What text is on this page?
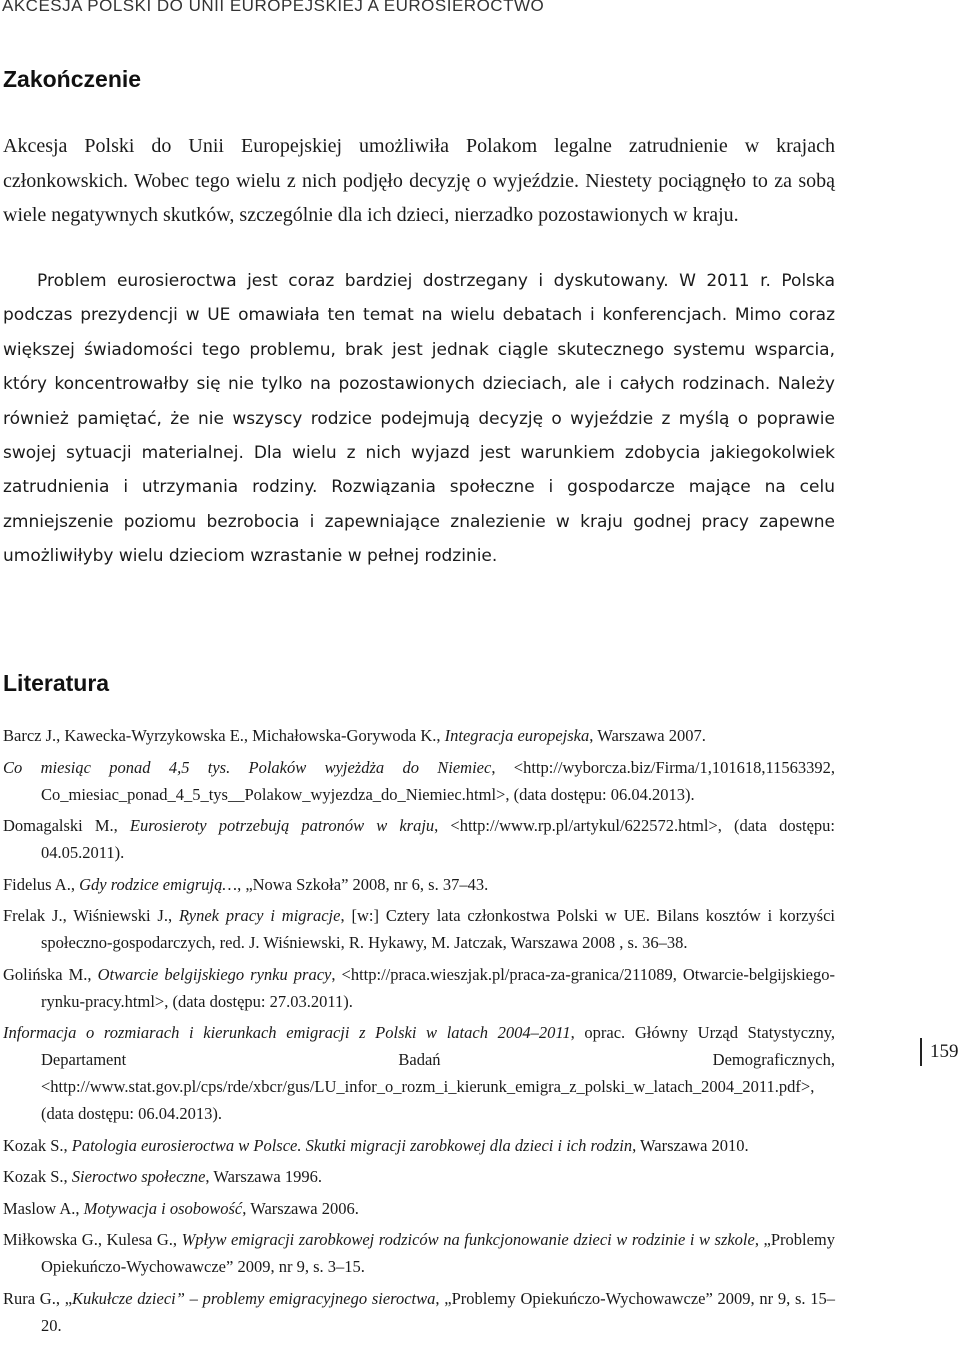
AKCESJA POLSKI DO UNII EUROPEJSKIEJ A EUROSIEROCTWO
Zakończenie

Akcesja Polski do Unii Europejskiej umożliwiła Polakom legalne zatrudnienie w krajach członkowskich. Wobec tego wielu z nich podjęło decyzję o wyjeździe. Niestety pociągnęło to za sobą wiele negatywnych skutków, szczególnie dla ich dzieci, nierzadko pozostawionych w kraju.

Problem eurosieroctwa jest coraz bardziej dostrzegany i dyskutowany. W 2011 r. Polska podczas prezydencji w UE omawiała ten temat na wielu debatach i konferencjach. Mimo coraz większej świadomości tego problemu, brak jest jednak ciągle skutecznego systemu wsparcia, który koncentrowałby się nie tylko na pozostawionych dzieciach, ale i całych rodzinach. Należy również pamiętać, że nie wszyscy rodzice podejmują decyzję o wyjeździe z myślą o poprawie swojej sytuacji materialnej. Dla wielu z nich wyjazd jest warunkiem zdobycia jakiegokolwiek zatrudnienia i utrzymania rodziny. Rozwiązania społeczne i gospodarcze mające na celu zmniejszenie poziomu bezrobocia i zapewniające znalezienie w kraju godnej pracy zapewne umożliwiłyby wielu dzieciom wzrastanie w pełnej rodzinie.

Literatura
Barcz J., Kawecka-Wyrzykowska E., Michałowska-Gorywoda K., Integracja europejska, Warszawa 2007.
Co miesiąc ponad 4,5 tys. Polaków wyjeżdża do Niemiec, <http://wyborcza.biz/Firma/1,101618,11563392, Co_miesiac_ponad_4_5_tys__Polakow_wyjezdza_do_Niemiec.html>, (data dostępu: 06.04.2013).
Domagalski M., Eurosieroty potrzebują patronów w kraju, <http://www.rp.pl/artykul/622572.html>, (data dostępu: 04.05.2011).
Fidelus A., Gdy rodzice emigrują…, „Nowa Szkoła” 2008, nr 6, s. 37–43.
Frelak J., Wiśniewski J., Rynek pracy i migracje, [w:] Cztery lata członkostwa Polski w UE. Bilans kosztów i korzyści społeczno-gospodarczych, red. J. Wiśniewski, R. Hykawy, M. Jatczak, Warszawa 2008 , s. 36–38.
Golińska M., Otwarcie belgijskiego rynku pracy, <http://praca.wieszjak.pl/praca-za-granica/211089, Otwarcie-belgijskiego-rynku-pracy.html>, (data dostępu: 27.03.2011).
Informacja o rozmiarach i kierunkach emigracji z Polski w latach 2004–2011, oprac. Główny Urząd Statystyczny, Departament Badań Demograficznych, <http://www.stat.gov.pl/cps/rde/xbcr/gus/LU_infor_o_rozm_i_kierunk_emigra_z_polski_w_latach_2004_2011.pdf>, (data dostępu: 06.04.2013).
Kozak S., Patologia eurosieroctwa w Polsce. Skutki migracji zarobkowej dla dzieci i ich rodzin, Warszawa 2010.
Kozak S., Sieroctwo społeczne, Warszawa 1996.
Maslow A., Motywacja i osobowość, Warszawa 2006.
Miłkowska G., Kulesa G., Wpływ emigracji zarobkowej rodziców na funkcjonowanie dzieci w rodzinie i w szkole, „Problemy Opiekuńczo-Wychowawcze” 2009, nr 9, s. 3–15.
Rura G., „Kukułcze dzieci” – problemy emigracyjnego sieroctwa, „Problemy Opiekuńczo-Wychowawcze” 2009, nr 9, s. 15–20.
159
